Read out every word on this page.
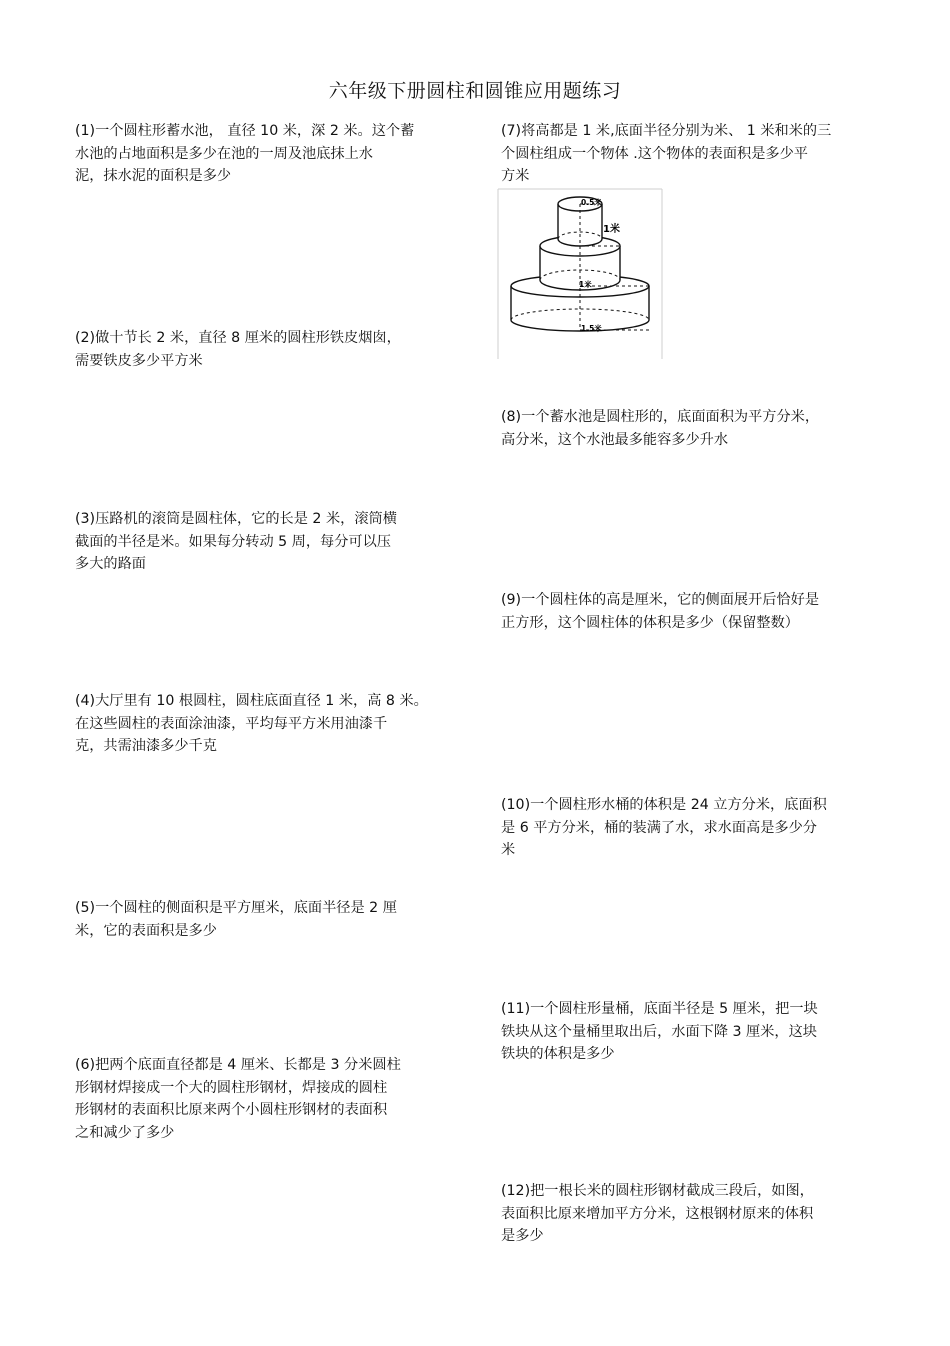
六年级下册圆柱和圆锥应用题练习
(1)一个圆柱形蓄水池， 直径 10 米，深 2 米。这个蓄
水池的占地面积是多少在池的一周及池底抹上水
泥，抹水泥的面积是多少
(2)做十节长 2 米，直径 8 厘米的圆柱形铁皮烟囱，
需要铁皮多少平方米
(3)压路机的滚筒是圆柱体，它的长是 2 米，滚筒横
截面的半径是米。如果每分转动 5 周，每分可以压
多大的路面
(4)大厅里有 10 根圆柱，圆柱底面直径 1 米，高 8 米。
在这些圆柱的表面涂油漆，平均每平方米用油漆千
克，共需油漆多少千克
(5)一个圆柱的侧面积是平方厘米，底面半径是 2 厘
米，它的表面积是多少
(6)把两个底面直径都是 4 厘米、长都是 3 分米圆柱
形钢材焊接成一个大的圆柱形钢材，焊接成的圆柱
形钢材的表面积比原来两个小圆柱形钢材的表面积
之和减少了多少
(7)将高都是 1 米,底面半径分别为米、 1 米和米的三
个圆柱组成一个物体 .这个物体的表面积是多少平
方米
0.5米
1米
1米
1.5米
(8)一个蓄水池是圆柱形的，底面面积为平方分米，
高分米，这个水池最多能容多少升水
(9)一个圆柱体的高是厘米，它的侧面展开后恰好是
正方形，这个圆柱体的体积是多少（保留整数）
(10)一个圆柱形水桶的体积是 24 立方分米，底面积
是 6 平方分米，桶的装满了水，求水面高是多少分
米
(11)一个圆柱形量桶，底面半径是 5 厘米，把一块
铁块从这个量桶里取出后，水面下降 3 厘米，这块
铁块的体积是多少
(12)把一根长米的圆柱形钢材截成三段后，如图，
表面积比原来增加平方分米，这根钢材原来的体积
是多少
